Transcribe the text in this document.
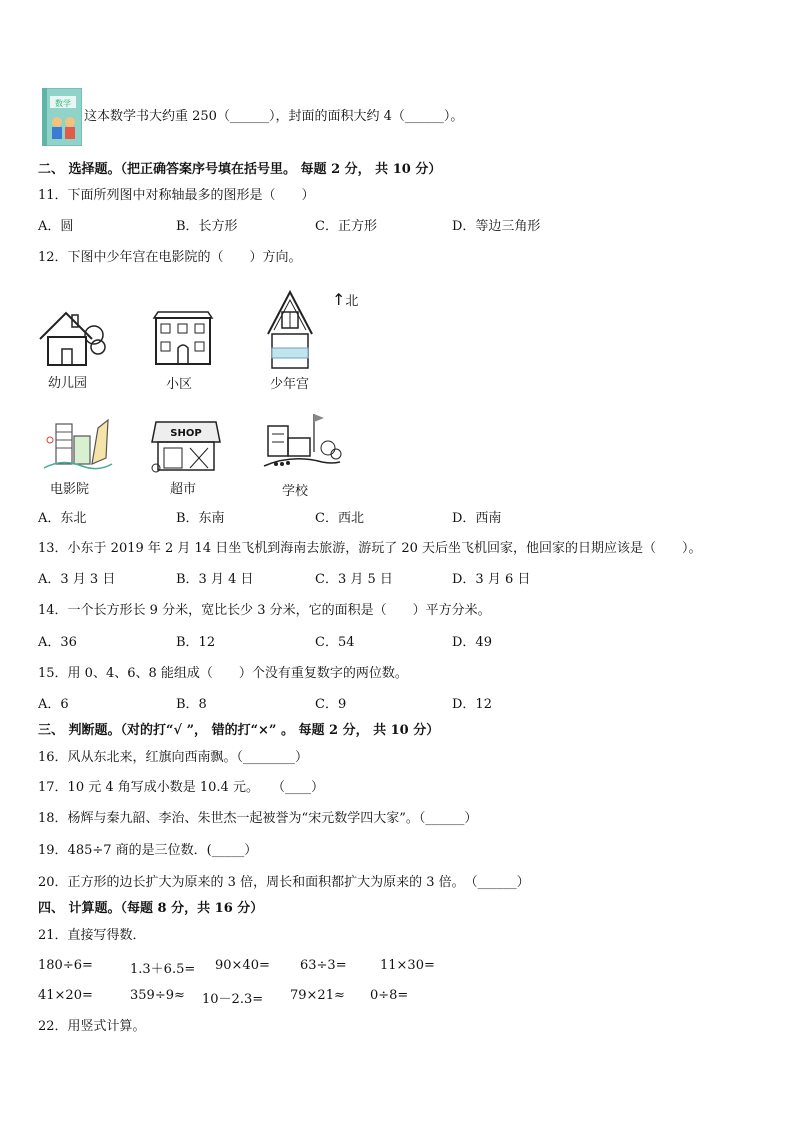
数学
这本数学书大约重 250（______），封面的面积大约 4（______）。
二、 选择题。（把正确答案序号填在括号里。 每题 2 分， 共 10 分）
11．下面所列图中对称轴最多的图形是（　　）
A．圆	B．长方形	C．正方形	D．等边三角形
12．下图中少年宫在电影院的（　　）方向。
↑北
幼儿园	小区	少年宫
电影院
SHOP
超市	学校
A．东北	B．东南	C．西北	D．西南
13．小东于 2019 年 2 月 14 日坐飞机到海南去旅游，游玩了 20 天后坐飞机回家，他回家的日期应该是（　　）。
A．3 月 3 日	B．3 月 4 日	C．3 月 5 日	D．3 月 6 日
14．一个长方形长 9 分米，宽比长少 3 分米，它的面积是（　　）平方分米。
A．36	B．12	C．54	D．49
15．用 0、4、6、8 能组成（　　）个没有重复数字的两位数。
A．6	B．8	C．9	D．12
三、 判断题。（对的打“√ ”， 错的打“×” 。 每题 2 分， 共 10 分）
16．风从东北来，红旗向西南飘。（________）
17．10 元 4 角写成小数是 10.4 元。　　（____）
18．杨辉与秦九韶、李治、朱世杰一起被誉为“宋元数学四大家”。（______）
19．485÷7 商的是三位数．(_____）
20．正方形的边长扩大为原来的 3 倍，周长和面积都扩大为原来的 3 倍。　（______）
四、 计算题。（每题 8 分，共 16 分）
21．直接写得数．
180÷6=	1.3＋6.5= 90×40= 63÷3=	11×30=
41×20=	359÷9≈ 10－2.3= 79×21≈ 0÷8=
22．用竖式计算。
